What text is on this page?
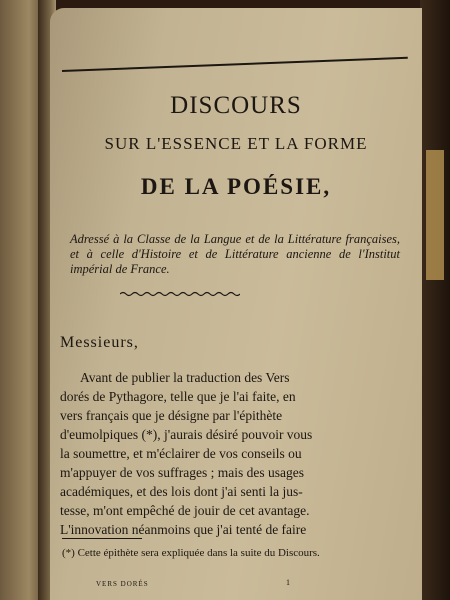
DISCOURS
SUR L'ESSENCE ET LA FORME
DE LA POÉSIE,
Adressé à la Classe de la Langue et de la Littérature françaises, et à celle d'Histoire et de Littérature ancienne de l'Institut impérial de France.
Messieurs,
Avant de publier la traduction des Vers
dorés de Pythagore, telle que je l'ai faite, en
vers français que je désigne par l'épithète
d'eumolpiques (*), j'aurais désiré pouvoir vous
la soumettre, et m'éclairer de vos conseils ou
m'appuyer de vos suffrages ; mais des usages
académiques, et des lois dont j'ai senti la jus-
tesse, m'ont empêché de jouir de cet avantage.
L'innovation néanmoins que j'ai tenté de faire
(*) Cette épithète sera expliquée dans la suite du Discours.
VERS DORÉS	1
